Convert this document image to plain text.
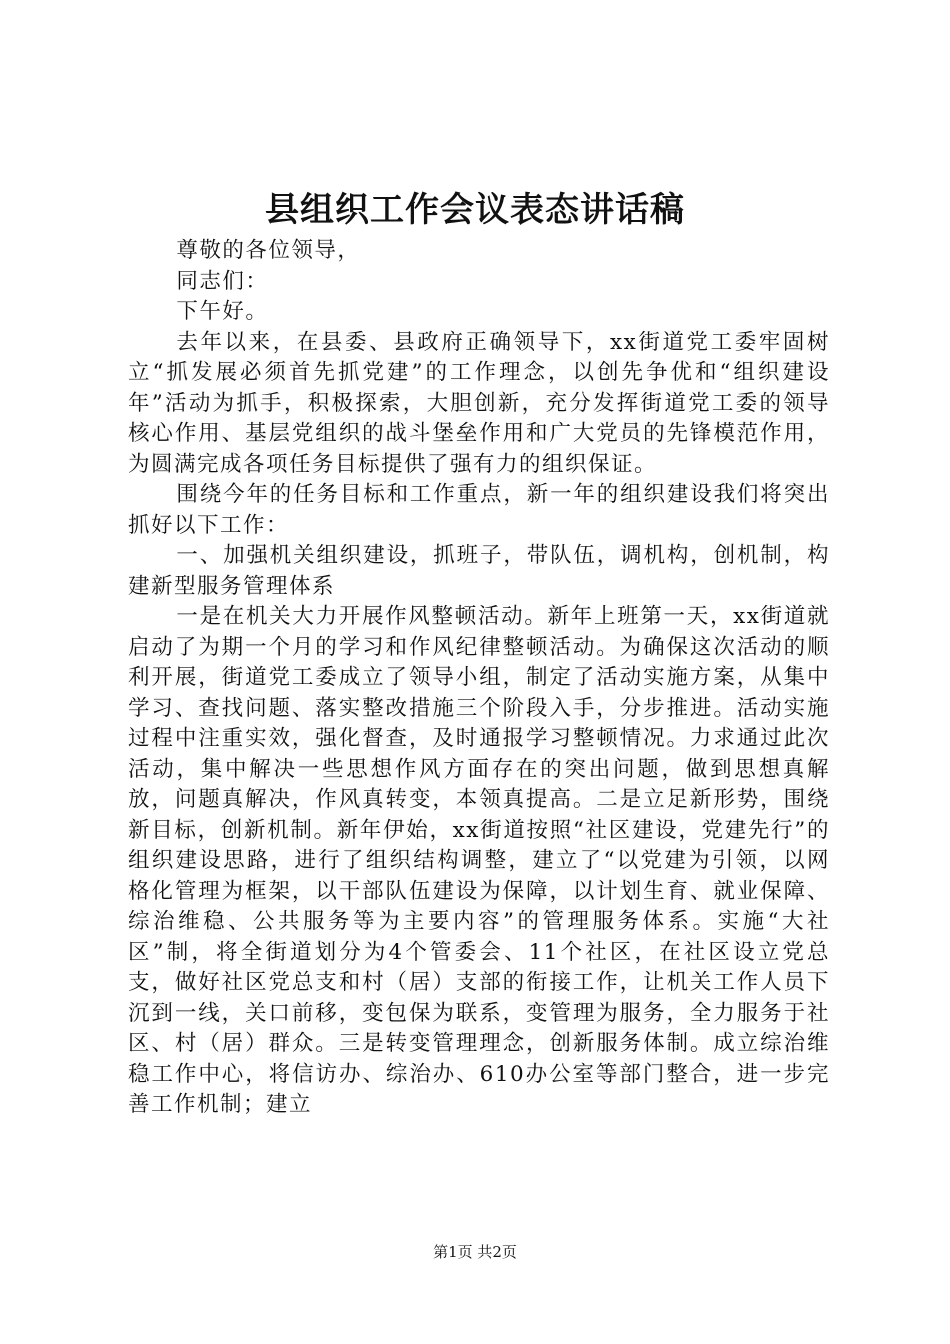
县组织工作会议表态讲话稿

尊敬的各位领导，

同志们：

下午好。

去年以来，在县委、县政府正确领导下，xx街道党工委牢固树立“抓发展必须首先抓党建”的工作理念，以创先争优和“组织建设年”活动为抓手，积极探索，大胆创新，充分发挥街道党工委的领导核心作用、基层党组织的战斗堡垒作用和广大党员的先锋模范作用，为圆满完成各项任务目标提供了强有力的组织保证。

围绕今年的任务目标和工作重点，新一年的组织建设我们将突出抓好以下工作：

一、加强机关组织建设，抓班子，带队伍，调机构，创机制，构建新型服务管理体系

一是在机关大力开展作风整顿活动。新年上班第一天，xx街道就启动了为期一个月的学习和作风纪律整顿活动。为确保这次活动的顺利开展，街道党工委成立了领导小组，制定了活动实施方案，从集中学习、查找问题、落实整改措施三个阶段入手，分步推进。活动实施过程中注重实效，强化督查，及时通报学习整顿情况。力求通过此次活动，集中解决一些思想作风方面存在的突出问题，做到思想真解放，问题真解决，作风真转变，本领真提高。二是立足新形势，围绕新目标，创新机制。新年伊始，xx街道按照“社区建设，党建先行”的组织建设思路，进行了组织结构调整，建立了“以党建为引领，以网格化管理为框架，以干部队伍建设为保障，以计划生育、就业保障、综治维稳、公共服务等为主要内容”的管理服务体系。实施“大社区”制，将全街道划分为4个管委会、11个社区，在社区设立党总支，做好社区党总支和村（居）支部的衔接工作，让机关工作人员下沉到一线，关口前移，变包保为联系，变管理为服务，全力服务于社区、村（居）群众。三是转变管理理念，创新服务体制。成立综治维稳工作中心，将信访办、综治办、610办公室等部门整合，进一步完善工作机制；建立

第1页 共2页
